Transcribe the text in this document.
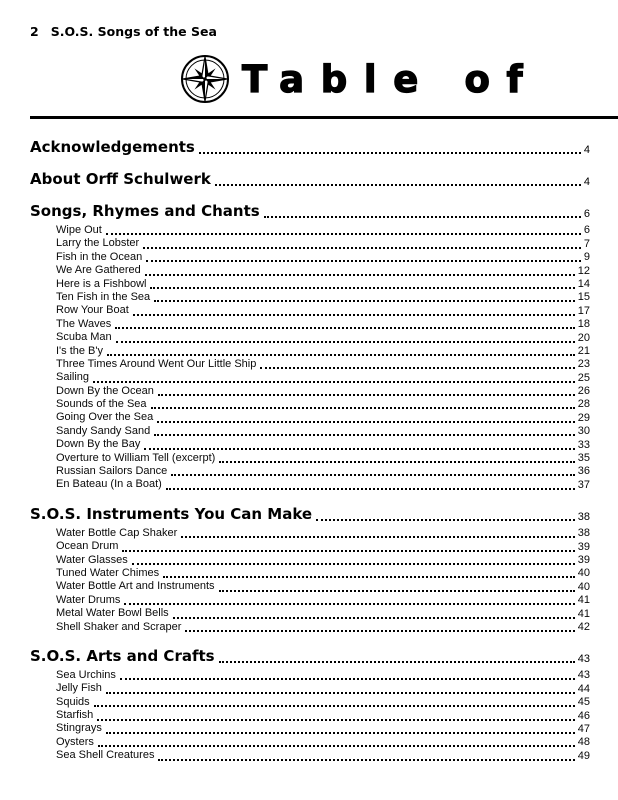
2 S.O.S. Songs of the Sea
Table of
Acknowledgements	4
About Orff Schulwerk	4
Songs, Rhymes and Chants	6
Wipe Out	6
Larry the Lobster	7
Fish in the Ocean	9
We Are Gathered	12
Here is a Fishbowl	14
Ten Fish in the Sea	15
Row Your Boat	17
The Waves	18
Scuba Man	20
I's the B'y	21
Three Times Around Went Our Little Ship	23
Sailing	25
Down By the Ocean	26
Sounds of the Sea	28
Going Over the Sea	29
Sandy Sandy Sand	30
Down By the Bay	33
Overture to William Tell (excerpt)	35
Russian Sailors Dance	36
En Bateau (In a Boat)	37
S.O.S. Instruments You Can Make	38
Water Bottle Cap Shaker	38
Ocean Drum	39
Water Glasses	39
Tuned Water Chimes	40
Water Bottle Art and Instruments	40
Water Drums	41
Metal Water Bowl Bells	41
Shell Shaker and Scraper	42
S.O.S. Arts and Crafts	43
Sea Urchins	43
Jelly Fish	44
Squids	45
Starfish	46
Stingrays	47
Oysters	48
Sea Shell Creatures	49
